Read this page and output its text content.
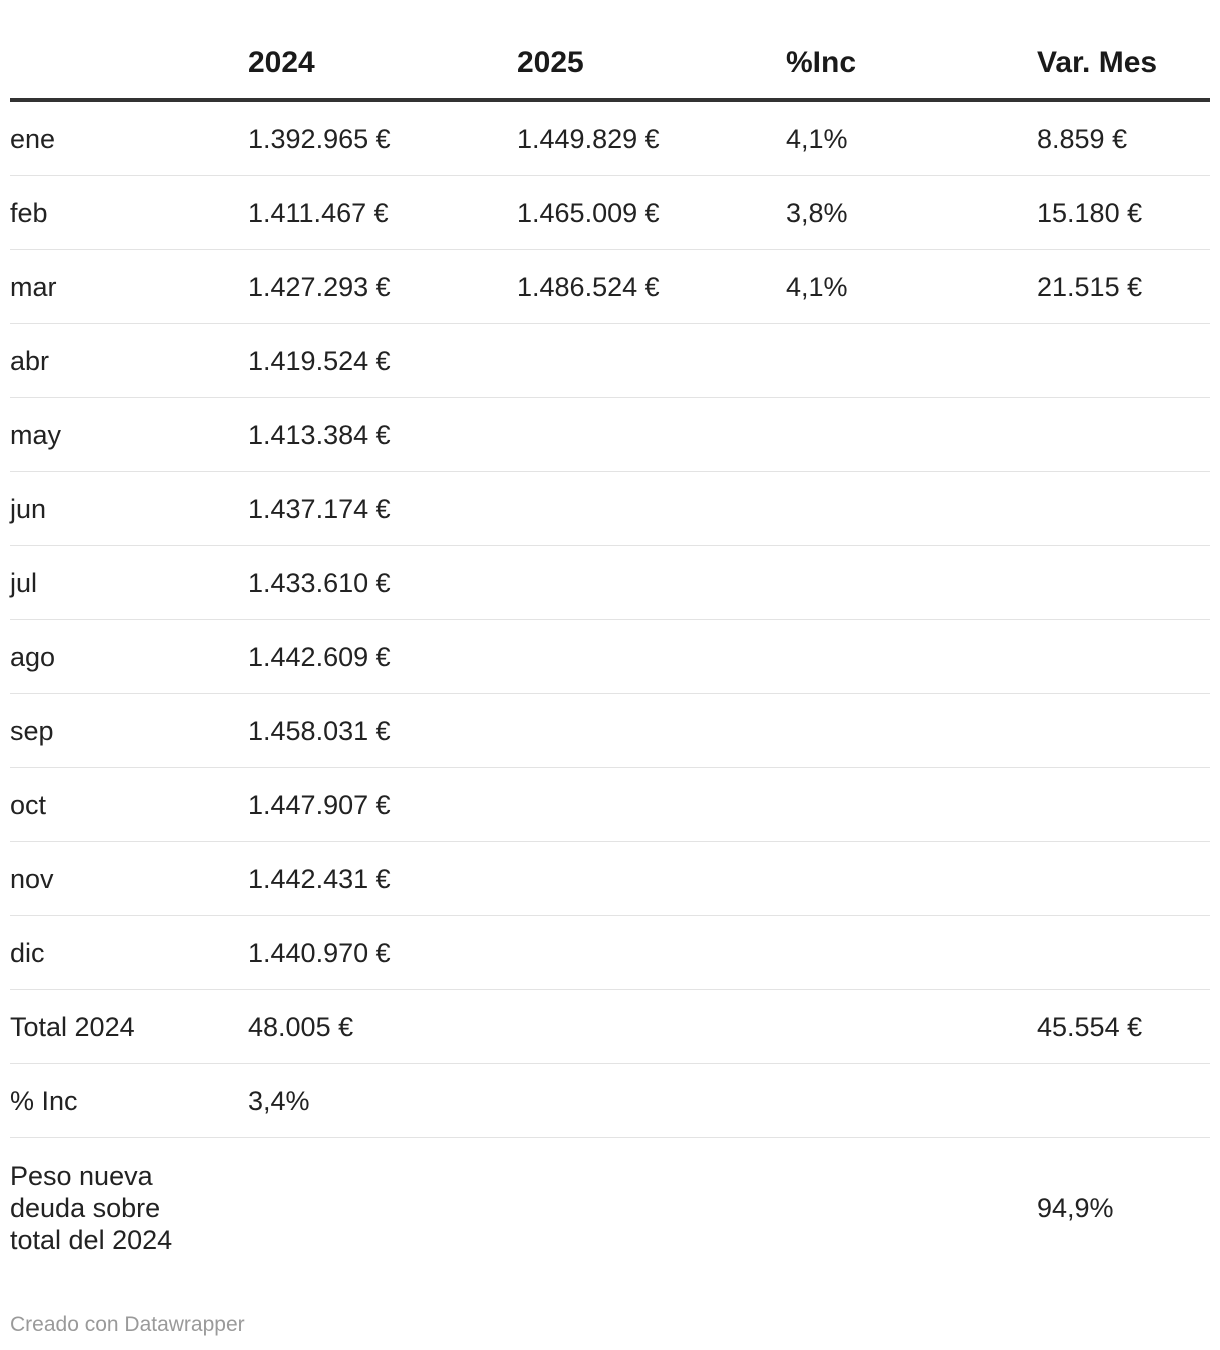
	2024	2025	%Inc	Var. Mes
ene	1.392.965 €	1.449.829 €	4,1%	8.859 €
feb	1.411.467 €	1.465.009 €	3,8%	15.180 €
mar	1.427.293 €	1.486.524 €	4,1%	21.515 €
abr	1.419.524 €			
may	1.413.384 €			
jun	1.437.174 €			
jul	1.433.610 €			
ago	1.442.609 €			
sep	1.458.031 €			
oct	1.447.907 €			
nov	1.442.431 €			
dic	1.440.970 €			
Total 2024	48.005 €			45.554 €
% Inc	3,4%			

Peso nueva deuda sobre total del 2024				94,9%
Creado con Datawrapper
